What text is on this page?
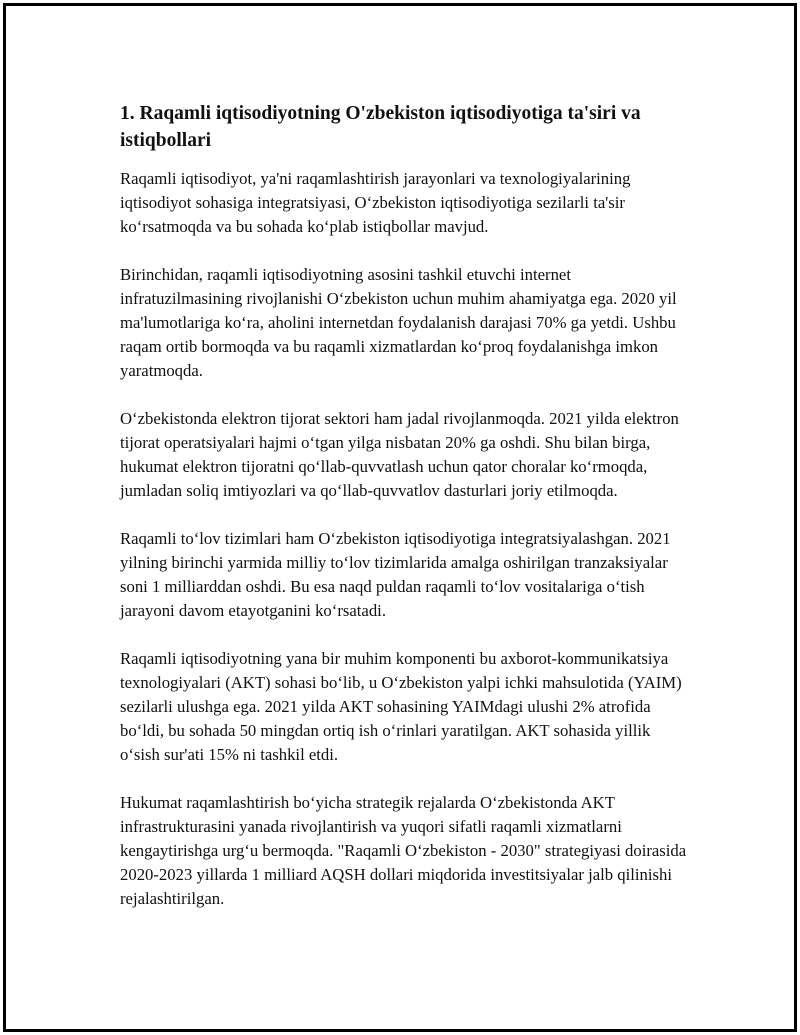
1. Raqamli iqtisodiyotning O'zbekiston iqtisodiyotiga ta'siri va istiqbollari

Raqamli iqtisodiyot, ya'ni raqamlashtirish jarayonlari va texnologiyalarining iqtisodiyot sohasiga integratsiyasi, O‘zbekiston iqtisodiyotiga sezilarli ta'sir ko‘rsatmoqda va bu sohada ko‘plab istiqbollar mavjud.

Birinchidan, raqamli iqtisodiyotning asosini tashkil etuvchi internet infratuzilmasining rivojlanishi O‘zbekiston uchun muhim ahamiyatga ega. 2020 yil ma'lumotlariga ko‘ra, aholini internetdan foydalanish darajasi 70% ga yetdi. Ushbu raqam ortib bormoqda va bu raqamli xizmatlardan ko‘proq foydalanishga imkon yaratmoqda.

O‘zbekistonda elektron tijorat sektori ham jadal rivojlanmoqda. 2021 yilda elektron tijorat operatsiyalari hajmi o‘tgan yilga nisbatan 20% ga oshdi. Shu bilan birga, hukumat elektron tijoratni qo‘llab-quvvatlash uchun qator choralar ko‘rmoqda, jumladan soliq imtiyozlari va qo‘llab-quvvatlov dasturlari joriy etilmoqda.

Raqamli to‘lov tizimlari ham O‘zbekiston iqtisodiyotiga integratsiyalashgan. 2021 yilning birinchi yarmida milliy to‘lov tizimlarida amalga oshirilgan tranzaksiyalar soni 1 milliarddan oshdi. Bu esa naqd puldan raqamli to‘lov vositalariga o‘tish jarayoni davom etayotganini ko‘rsatadi.

Raqamli iqtisodiyotning yana bir muhim komponenti bu axborot-kommunikatsiya texnologiyalari (AKT) sohasi bo‘lib, u O‘zbekiston yalpi ichki mahsulotida (YAIM) sezilarli ulushga ega. 2021 yilda AKT sohasining YAIMdagi ulushi 2% atrofida bo‘ldi, bu sohada 50 mingdan ortiq ish o‘rinlari yaratilgan. AKT sohasida yillik o‘sish sur'ati 15% ni tashkil etdi.

Hukumat raqamlashtirish bo‘yicha strategik rejalarda O‘zbekistonda AKT infrastrukturasini yanada rivojlantirish va yuqori sifatli raqamli xizmatlarni kengaytirishga urg‘u bermoqda. "Raqamli O‘zbekiston - 2030" strategiyasi doirasida 2020-2023 yillarda 1 milliard AQSH dollari miqdorida investitsiyalar jalb qilinishi rejalashtirilgan.
